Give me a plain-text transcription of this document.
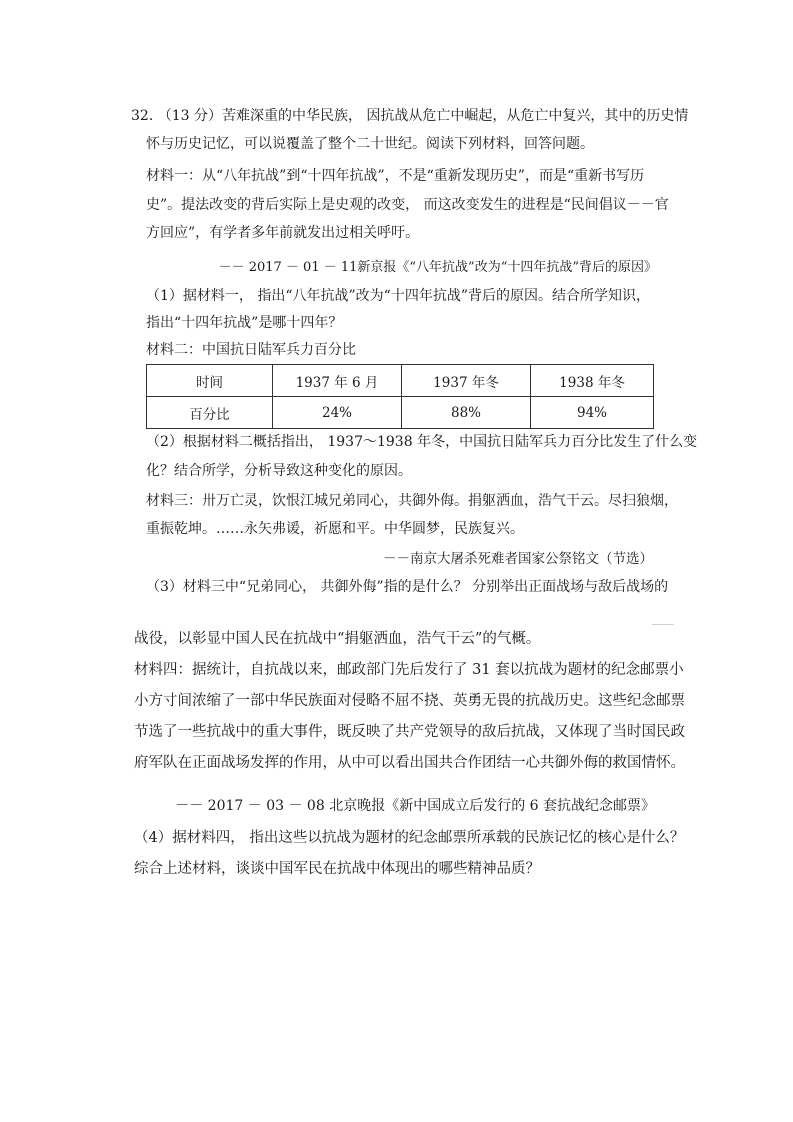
32. （13 分）苦难深重的中华民族， 因抗战从危亡中崛起，从危亡中复兴，其中的历史情
怀与历史记忆，可以说覆盖了整个二十世纪。阅读下列材料，回答问题。
材料一：从“八年抗战”到“十四年抗战”，不是“重新发现历史”，而是“重新书写历
史”。提法改变的背后实际上是史观的改变， 而这改变发生的进程是“民间倡议－－官
方回应”，有学者多年前就发出过相关呼吁。
－－ 2017 － 01 － 11新京报《“八年抗战”改为“十四年抗战”背后的原因》
（1）据材料一， 指出“八年抗战”改为“十四年抗战”背后的原因。结合所学知识，
指出“十四年抗战”是哪十四年？
材料二：中国抗日陆军兵力百分比
时间	1937 年 6 月	1937 年冬	1938 年冬
百分比	24%	88%	94%
（2）根据材料二概括指出， 1937～1938 年冬，中国抗日陆军兵力百分比发生了什么变
化？结合所学，分析导致这种变化的原因。
材料三：卅万亡灵，饮恨江城兄弟同心，共御外侮。捐躯洒血，浩气干云。尽扫狼烟，
重振乾坤。……永矢弗谖，祈愿和平。中华圆梦，民族复兴。
－－南京大屠杀死难者国家公祭铭文（节选）
（3）材料三中“兄弟同心， 共御外侮”指的是什么？ 分别举出正面战场与敌后战场的
战役，以彰显中国人民在抗战中“捐躯洒血，浩气干云”的气概。
材料四：据统计，自抗战以来，邮政部门先后发行了 31 套以抗战为题材的纪念邮票小
小方寸间浓缩了一部中华民族面对侵略不屈不挠、英勇无畏的抗战历史。这些纪念邮票
节选了一些抗战中的重大事件，既反映了共产党领导的敌后抗战，又体现了当时国民政
府军队在正面战场发挥的作用，从中可以看出国共合作团结一心共御外侮的救国情怀。
－－ 2017 － 03 － 08 北京晚报《新中国成立后发行的 6 套抗战纪念邮票》
（4）据材料四， 指出这些以抗战为题材的纪念邮票所承载的民族记忆的核心是什么？
综合上述材料，谈谈中国军民在抗战中体现出的哪些精神品质？
